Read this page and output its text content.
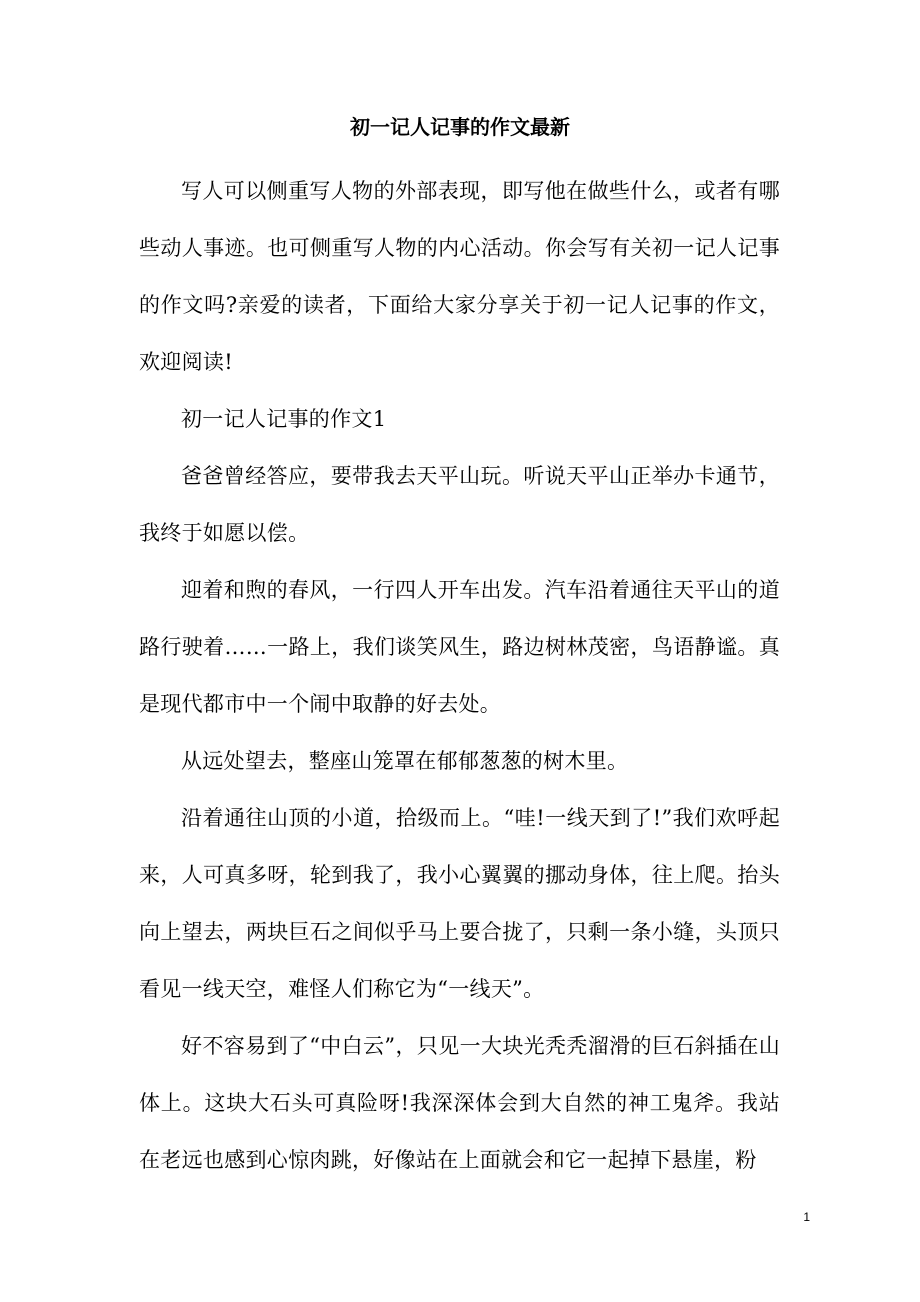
初一记人记事的作文最新

写人可以侧重写人物的外部表现，即写他在做些什么，或者有哪些动人事迹。也可侧重写人物的内心活动。你会写有关初一记人记事的作文吗?亲爱的读者，下面给大家分享关于初一记人记事的作文，欢迎阅读!

初一记人记事的作文1

爸爸曾经答应，要带我去天平山玩。听说天平山正举办卡通节，我终于如愿以偿。

迎着和煦的春风，一行四人开车出发。汽车沿着通往天平山的道路行驶着……一路上，我们谈笑风生，路边树林茂密，鸟语静谧。真是现代都市中一个闹中取静的好去处。

从远处望去，整座山笼罩在郁郁葱葱的树木里。

沿着通往山顶的小道，拾级而上。“哇!一线天到了!”我们欢呼起来，人可真多呀，轮到我了，我小心翼翼的挪动身体，往上爬。抬头向上望去，两块巨石之间似乎马上要合拢了，只剩一条小缝，头顶只看见一线天空，难怪人们称它为“一线天”。

好不容易到了“中白云”，只见一大块光秃秃溜滑的巨石斜插在山体上。这块大石头可真险呀!我深深体会到大自然的神工鬼斧。我站在老远也感到心惊肉跳，好像站在上面就会和它一起掉下悬崖，粉

1
